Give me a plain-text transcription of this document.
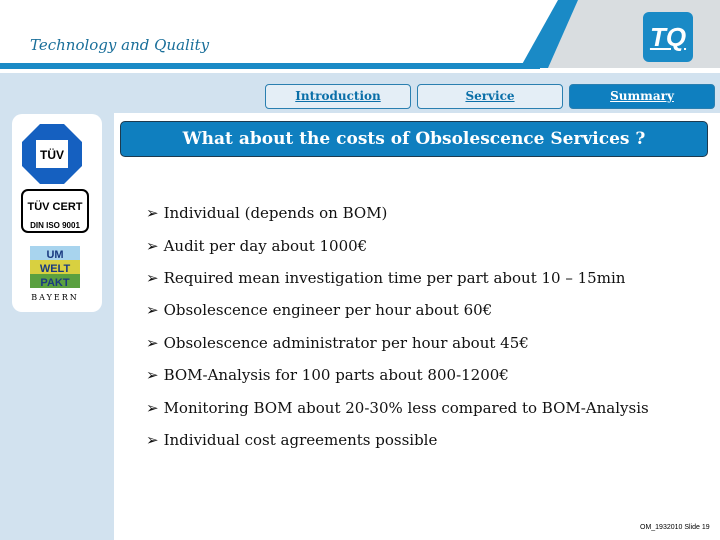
Technology and Quality	TQ
Introduction	Service	Summary
TÜV
TÜV CERT
DIN ISO 9001
UM
WELT
PAKT
BAYERN
What about the costs of Obsolescence Services ?
➢ Individual (depends on BOM)
➢ Audit per day about 1000€
➢ Required mean investigation time per part about 10 – 15min
➢ Obsolescence engineer per hour about 60€
➢ Obsolescence administrator per hour about 45€
➢ BOM-Analysis for 100 parts about 800-1200€
➢ Monitoring BOM about 20-30% less compared to BOM-Analysis
➢ Individual cost agreements possible
OM_1932010 Slide 19
